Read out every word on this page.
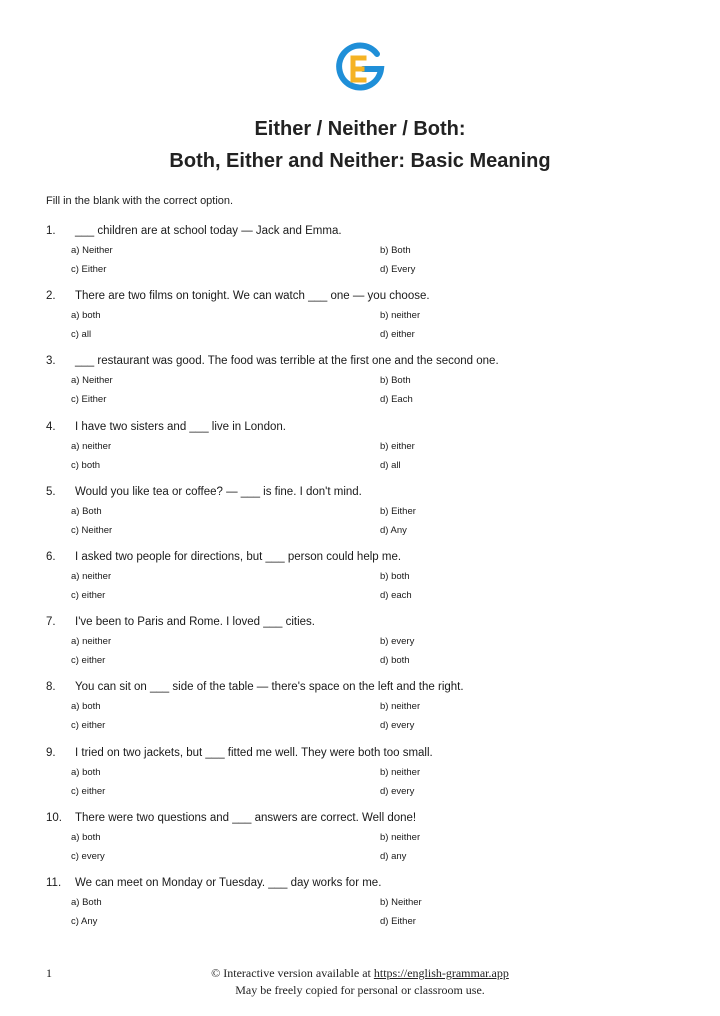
Either / Neither / Both:
Both, Either and Neither: Basic Meaning
Fill in the blank with the correct option.
1. ___ children are at school today — Jack and Emma.
a) Neither	b) Both
c) Either	d) Every
2. There are two films on tonight. We can watch ___ one — you choose.
a) both	b) neither
c) all	d) either
3. ___ restaurant was good. The food was terrible at the first one and the second one.
a) Neither	b) Both
c) Either	d) Each
4. I have two sisters and ___ live in London.
a) neither	b) either
c) both	d) all
5. Would you like tea or coffee? — ___ is fine. I don't mind.
a) Both	b) Either
c) Neither	d) Any
6. I asked two people for directions, but ___ person could help me.
a) neither	b) both
c) either	d) each
7. I've been to Paris and Rome. I loved ___ cities.
a) neither	b) every
c) either	d) both
8. You can sit on ___ side of the table — there's space on the left and the right.
a) both	b) neither
c) either	d) every
9. I tried on two jackets, but ___ fitted me well. They were both too small.
a) both	b) neither
c) either	d) every
10. There were two questions and ___ answers are correct. Well done!
a) both	b) neither
c) every	d) any
11. We can meet on Monday or Tuesday. ___ day works for me.
a) Both	b) Neither
c) Any	d) Either
1	© Interactive version available at https://english-grammar.app
May be freely copied for personal or classroom use.
